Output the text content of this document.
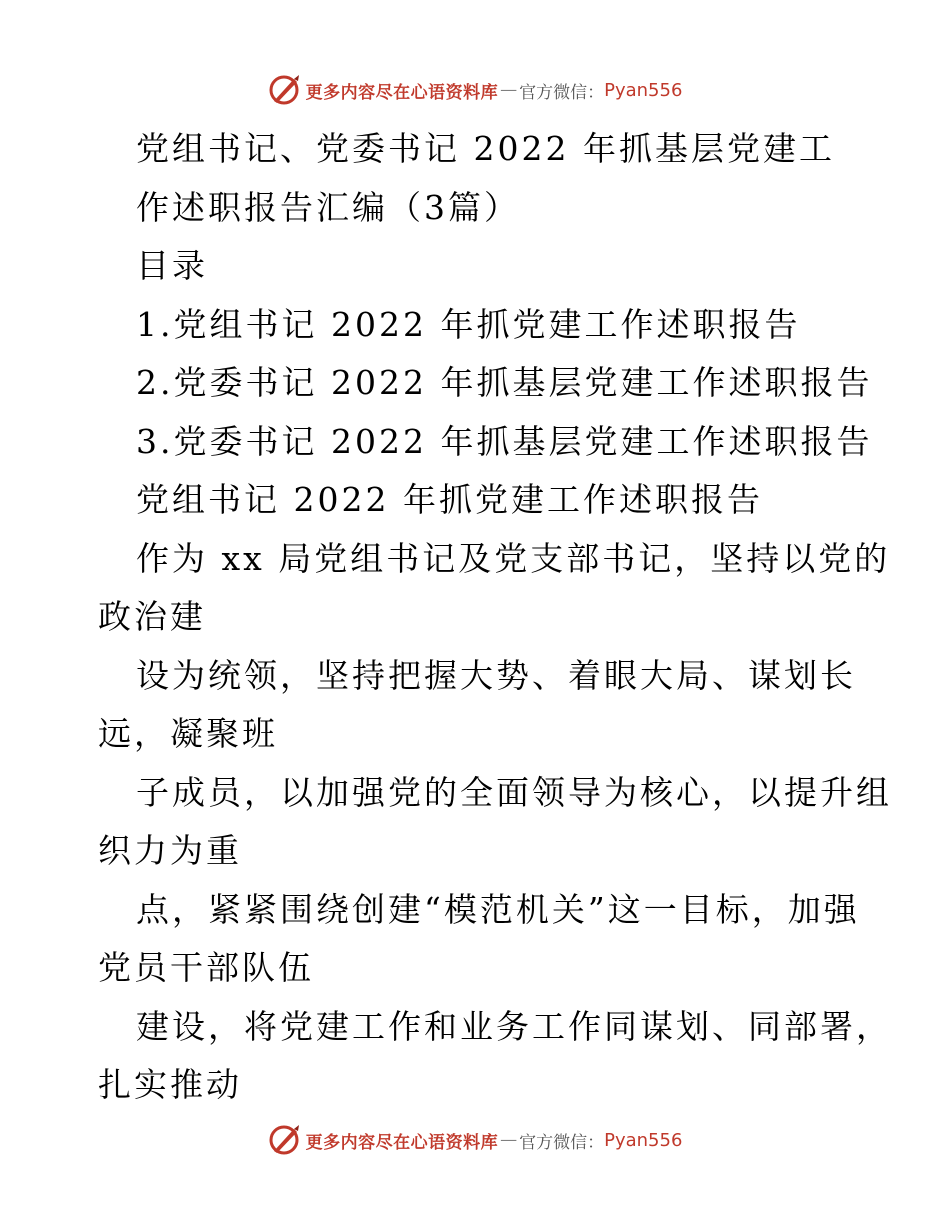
更多内容尽在心语资料库 — 官方微信： Pyan556
党组书记、党委书记 2022 年抓基层党建工
作述职报告汇编（3篇）
目录
1.党组书记 2022 年抓党建工作述职报告
2.党委书记 2022 年抓基层党建工作述职报告
3.党委书记 2022 年抓基层党建工作述职报告
党组书记 2022 年抓党建工作述职报告
作为 xx 局党组书记及党支部书记，坚持以党的
政治建
设为统领，坚持把握大势、着眼大局、谋划长
远，凝聚班
子成员，以加强党的全面领导为核心，以提升组
织力为重
点，紧紧围绕创建“模范机关”这一目标，加强
党员干部队伍
建设，将党建工作和业务工作同谋划、同部署，
扎实推动
更多内容尽在心语资料库 — 官方微信： Pyan556
